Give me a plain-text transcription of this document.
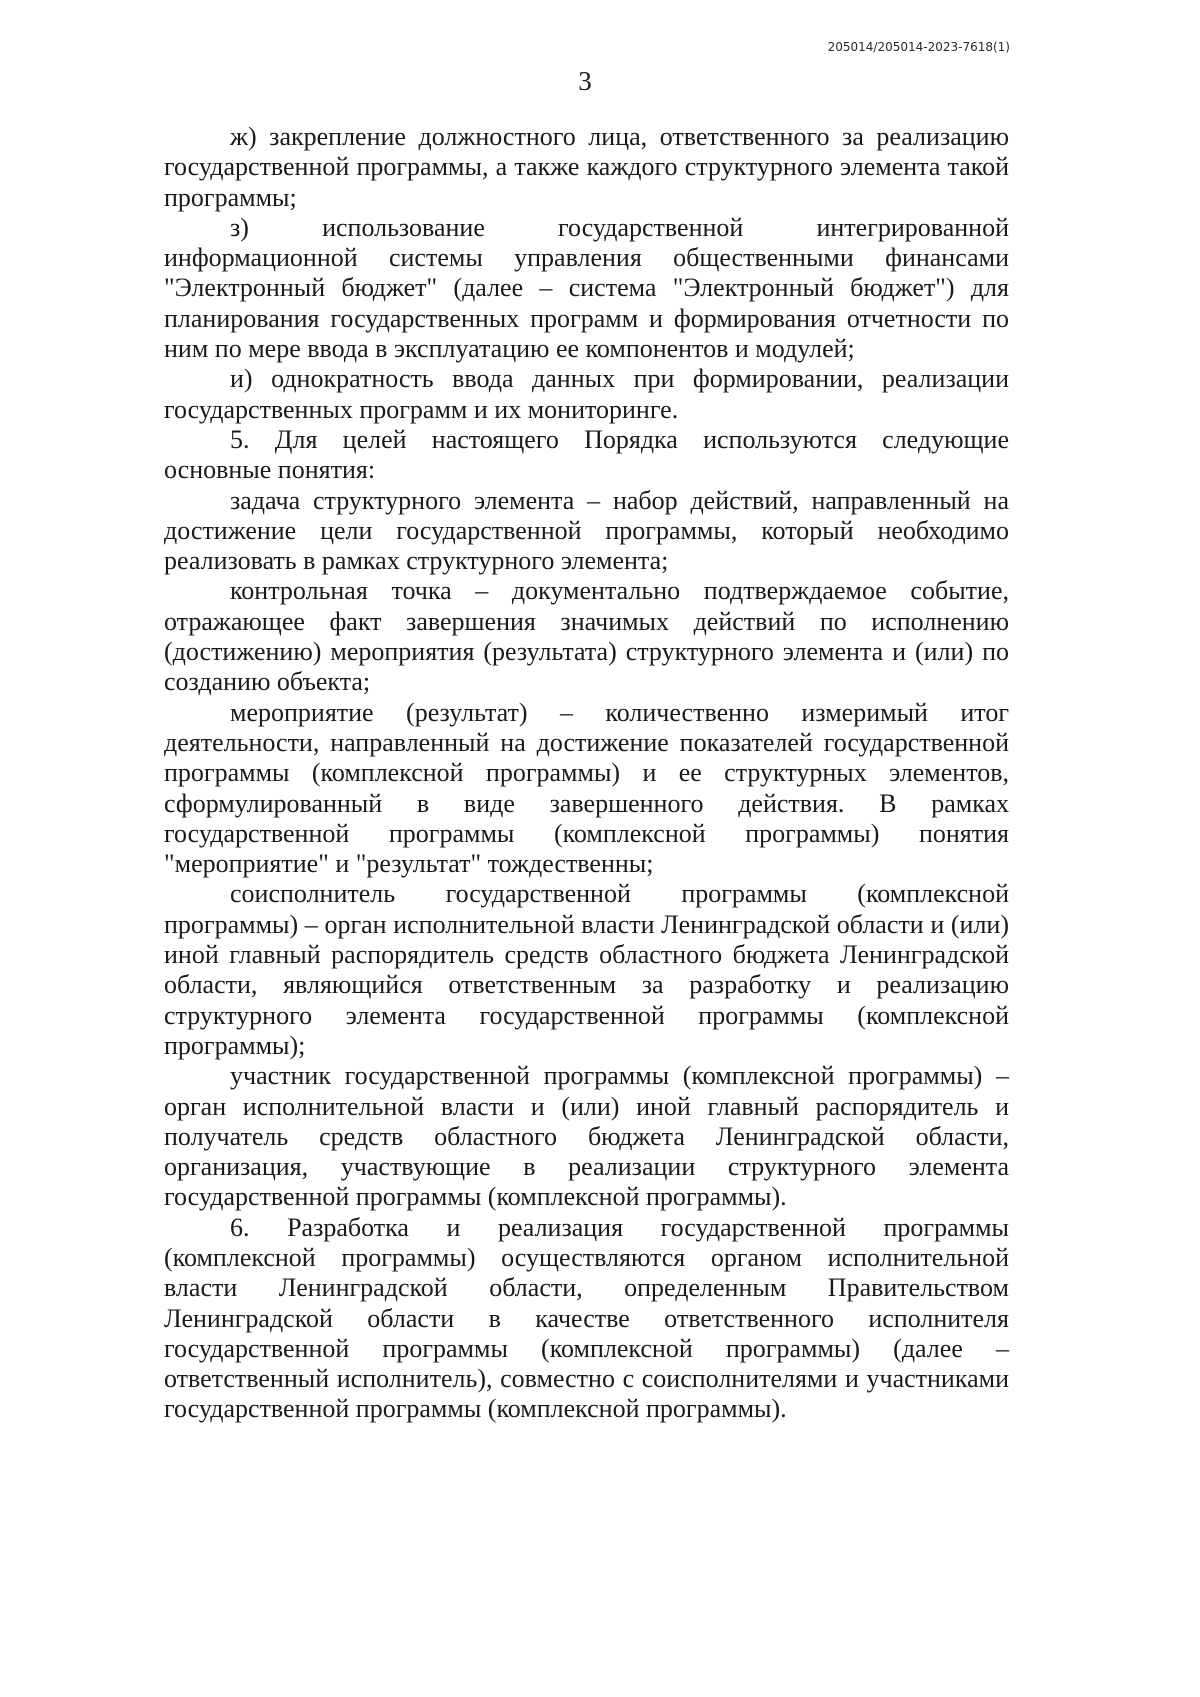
205014/205014-2023-7618(1)
3

ж) закрепление должностного лица, ответственного за реализацию государственной программы, а также каждого структурного элемента такой программы;

з) использование государственной интегрированной информационной системы управления общественными финансами "Электронный бюджет" (далее – система "Электронный бюджет") для планирования государственных программ и формирования отчетности по ним по мере ввода в эксплуатацию ее компонентов и модулей;

и) однократность ввода данных при формировании, реализации государственных программ и их мониторинге.

5. Для целей настоящего Порядка используются следующие основные понятия:

задача структурного элемента – набор действий, направленный на достижение цели государственной программы, который необходимо реализовать в рамках структурного элемента;

контрольная точка – документально подтверждаемое событие, отражающее факт завершения значимых действий по исполнению (достижению) мероприятия (результата) структурного элемента и (или) по созданию объекта;

мероприятие (результат) – количественно измеримый итог деятельности, направленный на достижение показателей государственной программы (комплексной программы) и ее структурных элементов, сформулированный в виде завершенного действия. В рамках государственной программы (комплексной программы) понятия "мероприятие" и "результат" тождественны;

соисполнитель государственной программы (комплексной программы) – орган исполнительной власти Ленинградской области и (или) иной главный распорядитель средств областного бюджета Ленинградской области, являющийся ответственным за разработку и реализацию структурного элемента государственной программы (комплексной программы);

участник государственной программы (комплексной программы) – орган исполнительной власти и (или) иной главный распорядитель и получатель средств областного бюджета Ленинградской области, организация, участвующие в реализации структурного элемента государственной программы (комплексной программы).

6. Разработка и реализация государственной программы (комплексной программы) осуществляются органом исполнительной власти Ленинградской области, определенным Правительством Ленинградской области в качестве ответственного исполнителя государственной программы (комплексной программы) (далее – ответственный исполнитель), совместно с соисполнителями и участниками государственной программы (комплексной программы).
